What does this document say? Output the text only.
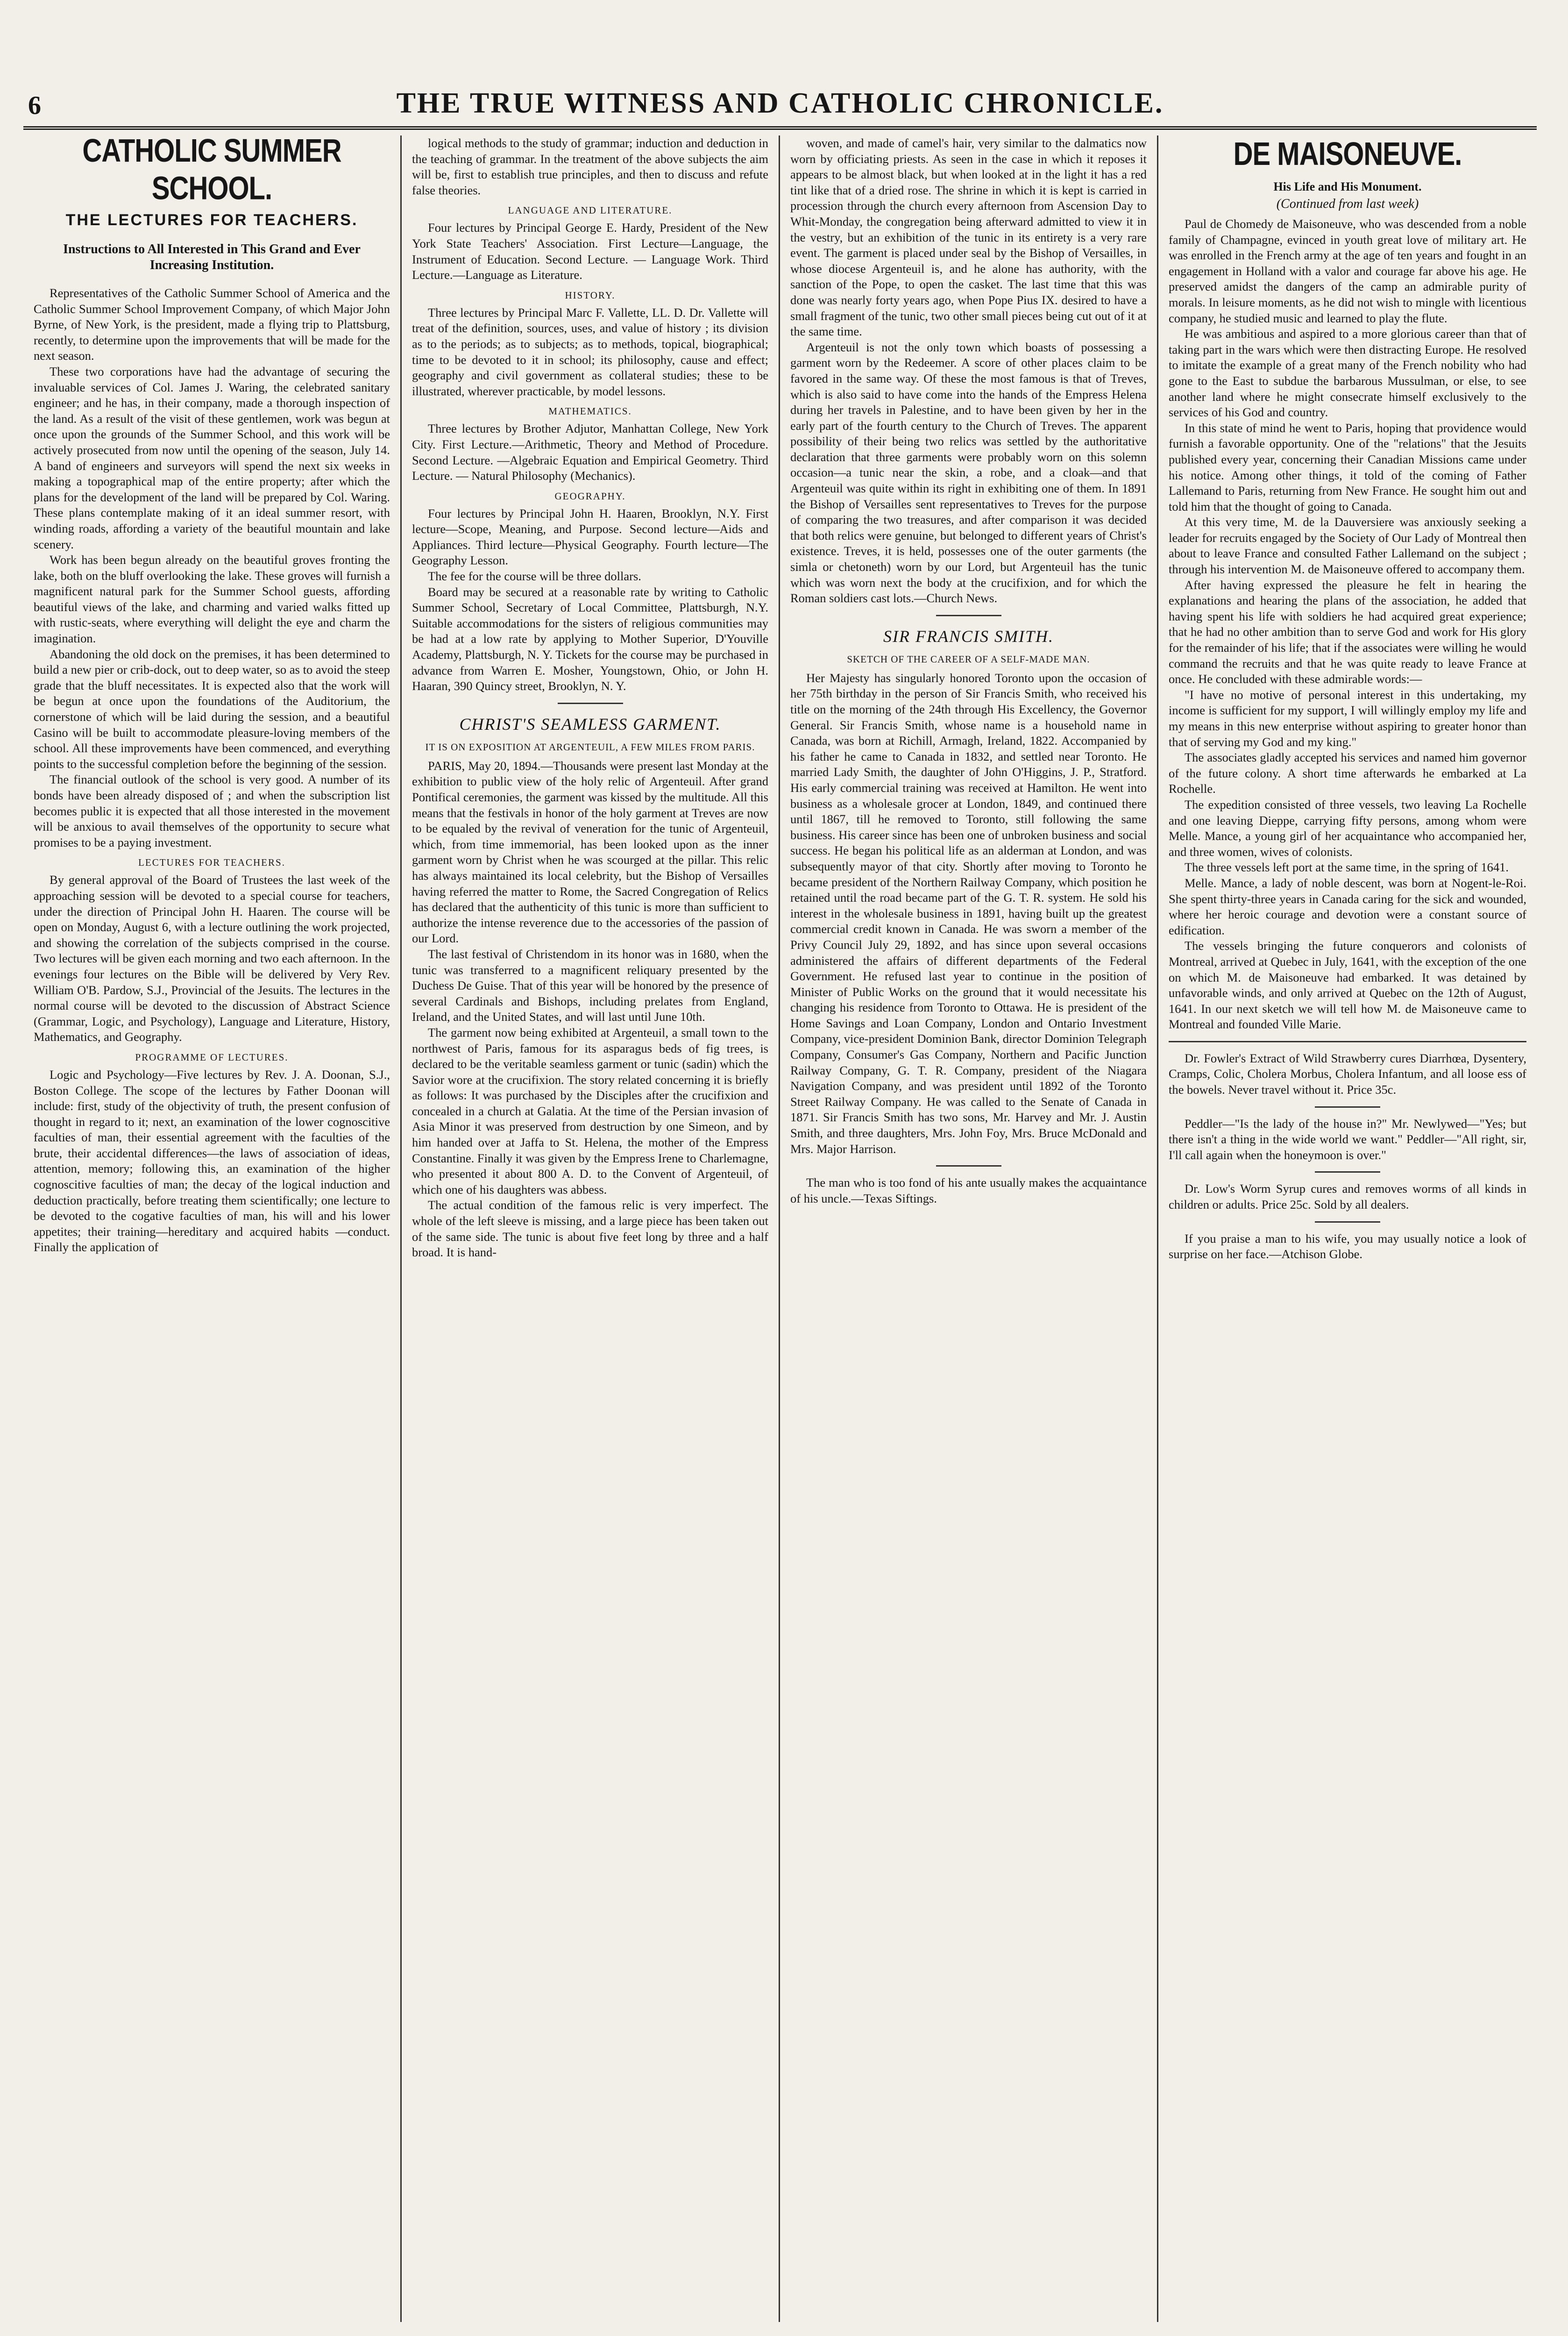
6	THE TRUE WITNESS AND CATHOLIC CHRONICLE.
CATHOLIC SUMMER SCHOOL.
THE LECTURES FOR TEACHERS.
Instructions to All Interested in This Grand and Ever Increasing Institution.

Representatives of the Catholic Summer School of America and the Catholic Summer School Improvement Company, of which Major John Byrne, of New York, is the president, made a flying trip to Plattsburg, recently, to determine upon the improvements that will be made for the next season.

These two corporations have had the advantage of securing the invaluable services of Col. James J. Waring, the celebrated sanitary engineer; and he has, in their company, made a thorough inspection of the land. As a result of the visit of these gentlemen, work was begun at once upon the grounds of the Summer School, and this work will be actively prosecuted from now until the opening of the season, July 14. A band of engineers and surveyors will spend the next six weeks in making a topographical map of the entire property; after which the plans for the development of the land will be prepared by Col. Waring. These plans contemplate making of it an ideal summer resort, with winding roads, affording a variety of the beautiful mountain and lake scenery.

Work has been begun already on the beautiful groves fronting the lake, both on the bluff overlooking the lake. These groves will furnish a magnificent natural park for the Summer School guests, affording beautiful views of the lake, and charming and varied walks fitted up with rustic-seats, where everything will delight the eye and charm the imagination.

Abandoning the old dock on the premises, it has been determined to build a new pier or crib-dock, out to deep water, so as to avoid the steep grade that the bluff necessitates. It is expected also that the work will be begun at once upon the foundations of the Auditorium, the cornerstone of which will be laid during the session, and a beautiful Casino will be built to accommodate pleasure-loving members of the school. All these improvements have been commenced, and everything points to the successful completion before the beginning of the session.

The financial outlook of the school is very good. A number of its bonds have been already disposed of ; and when the subscription list becomes public it is expected that all those interested in the movement will be anxious to avail themselves of the opportunity to secure what promises to be a paying investment.

LECTURES FOR TEACHERS.

By general approval of the Board of Trustees the last week of the approaching session will be devoted to a special course for teachers, under the direction of Principal John H. Haaren. The course will be open on Monday, August 6, with a lecture outlining the work projected, and showing the correlation of the subjects comprised in the course. Two lectures will be given each morning and two each afternoon. In the evenings four lectures on the Bible will be delivered by Very Rev. William O'B. Pardow, S.J., Provincial of the Jesuits. The lectures in the normal course will be devoted to the discussion of Abstract Science (Grammar, Logic, and Psychology), Language and Literature, History, Mathematics, and Geography.

PROGRAMME OF LECTURES.

Logic and Psychology—Five lectures by Rev. J. A. Doonan, S.J., Boston College. The scope of the lectures by Father Doonan will include: first, study of the objectivity of truth, the present confusion of thought in regard to it; next, an examination of the lower cognoscitive faculties of man, their essential agreement with the faculties of the brute, their accidental differences—the laws of association of ideas, attention, memory; following this, an examination of the higher cognoscitive faculties of man; the decay of the logical induction and deduction practically, before treating them scientifically; one lecture to be devoted to the cogative faculties of man, his will and his lower appetites; their training—hereditary and acquired habits —conduct. Finally the application of

logical methods to the study of grammar; induction and deduction in the teaching of grammar. In the treatment of the above subjects the aim will be, first to establish true principles, and then to discuss and refute false theories.

LANGUAGE AND LITERATURE.

Four lectures by Principal George E. Hardy, President of the New York State Teachers' Association. First Lecture—Language, the Instrument of Education. Second Lecture. — Language Work. Third Lecture.—Language as Literature.

HISTORY.

Three lectures by Principal Marc F. Vallette, LL. D. Dr. Vallette will treat of the definition, sources, uses, and value of history ; its division as to the periods; as to subjects; as to methods, topical, biographical; time to be devoted to it in school; its philosophy, cause and effect; geography and civil government as collateral studies; these to be illustrated, wherever practicable, by model lessons.

MATHEMATICS.

Three lectures by Brother Adjutor, Manhattan College, New York City. First Lecture.—Arithmetic, Theory and Method of Procedure. Second Lecture. —Algebraic Equation and Empirical Geometry. Third Lecture. — Natural Philosophy (Mechanics).

GEOGRAPHY.

Four lectures by Principal John H. Haaren, Brooklyn, N.Y. First lecture—Scope, Meaning, and Purpose. Second lecture—Aids and Appliances. Third lecture—Physical Geography. Fourth lecture—The Geography Lesson.

The fee for the course will be three dollars.

Board may be secured at a reasonable rate by writing to Catholic Summer School, Secretary of Local Committee, Plattsburgh, N.Y. Suitable accommodations for the sisters of religious communities may be had at a low rate by applying to Mother Superior, D'Youville Academy, Plattsburgh, N. Y. Tickets for the course may be purchased in advance from Warren E. Mosher, Youngstown, Ohio, or John H. Haaran, 390 Quincy street, Brooklyn, N. Y.

CHRIST'S SEAMLESS GARMENT.
IT IS ON EXPOSITION AT ARGENTEUIL, A FEW MILES FROM PARIS.

PARIS, May 20, 1894.—Thousands were present last Monday at the exhibition to public view of the holy relic of Argenteuil. After grand Pontifical ceremonies, the garment was kissed by the multitude. All this means that the festivals in honor of the holy garment at Treves are now to be equaled by the revival of veneration for the tunic of Argenteuil, which, from time immemorial, has been looked upon as the inner garment worn by Christ when he was scourged at the pillar. This relic has always maintained its local celebrity, but the Bishop of Versailles having referred the matter to Rome, the Sacred Congregation of Relics has declared that the authenticity of this tunic is more than sufficient to authorize the intense reverence due to the accessories of the passion of our Lord.

The last festival of Christendom in its honor was in 1680, when the tunic was transferred to a magnificent reliquary presented by the Duchess De Guise. That of this year will be honored by the presence of several Cardinals and Bishops, including prelates from England, Ireland, and the United States, and will last until June 10th.

The garment now being exhibited at Argenteuil, a small town to the northwest of Paris, famous for its asparagus beds of fig trees, is declared to be the veritable seamless garment or tunic (sadin) which the Savior wore at the crucifixion. The story related concerning it is briefly as follows: It was purchased by the Disciples after the crucifixion and concealed in a church at Galatia. At the time of the Persian invasion of Asia Minor it was preserved from destruction by one Simeon, and by him handed over at Jaffa to St. Helena, the mother of the Empress Constantine. Finally it was given by the Empress Irene to Charlemagne, who presented it about 800 A. D. to the Convent of Argenteuil, of which one of his daughters was abbess.

The actual condition of the famous relic is very imperfect. The whole of the left sleeve is missing, and a large piece has been taken out of the same side. The tunic is about five feet long by three and a half broad. It is hand-

woven, and made of camel's hair, very similar to the dalmatics now worn by officiating priests. As seen in the case in which it reposes it appears to be almost black, but when looked at in the light it has a red tint like that of a dried rose. The shrine in which it is kept is carried in procession through the church every afternoon from Ascension Day to Whit-Monday, the congregation being afterward admitted to view it in the vestry, but an exhibition of the tunic in its entirety is a very rare event. The garment is placed under seal by the Bishop of Versailles, in whose diocese Argenteuil is, and he alone has authority, with the sanction of the Pope, to open the casket. The last time that this was done was nearly forty years ago, when Pope Pius IX. desired to have a small fragment of the tunic, two other small pieces being cut out of it at the same time.

Argenteuil is not the only town which boasts of possessing a garment worn by the Redeemer. A score of other places claim to be favored in the same way. Of these the most famous is that of Treves, which is also said to have come into the hands of the Empress Helena during her travels in Palestine, and to have been given by her in the early part of the fourth century to the Church of Treves. The apparent possibility of their being two relics was settled by the authoritative declaration that three garments were probably worn on this solemn occasion—a tunic near the skin, a robe, and a cloak—and that Argenteuil was quite within its right in exhibiting one of them. In 1891 the Bishop of Versailles sent representatives to Treves for the purpose of comparing the two treasures, and after comparison it was decided that both relics were genuine, but belonged to different years of Christ's existence. Treves, it is held, possesses one of the outer garments (the simla or chetoneth) worn by our Lord, but Argenteuil has the tunic which was worn next the body at the crucifixion, and for which the Roman soldiers cast lots.—Church News.

SIR FRANCIS SMITH.
SKETCH OF THE CAREER OF A SELF-MADE MAN.

Her Majesty has singularly honored Toronto upon the occasion of her 75th birthday in the person of Sir Francis Smith, who received his title on the morning of the 24th through His Excellency, the Governor General. Sir Francis Smith, whose name is a household name in Canada, was born at Richill, Armagh, Ireland, 1822. Accompanied by his father he came to Canada in 1832, and settled near Toronto. He married Lady Smith, the daughter of John O'Higgins, J. P., Stratford. His early commercial training was received at Hamilton. He went into business as a wholesale grocer at London, 1849, and continued there until 1867, till he removed to Toronto, still following the same business. His career since has been one of unbroken business and social success. He began his political life as an alderman at London, and was subsequently mayor of that city. Shortly after moving to Toronto he became president of the Northern Railway Company, which position he retained until the road became part of the G. T. R. system. He sold his interest in the wholesale business in 1891, having built up the greatest commercial credit known in Canada. He was sworn a member of the Privy Council July 29, 1892, and has since upon several occasions administered the affairs of different departments of the Federal Government. He refused last year to continue in the position of Minister of Public Works on the ground that it would necessitate his changing his residence from Toronto to Ottawa. He is president of the Home Savings and Loan Company, London and Ontario Investment Company, vice-president Dominion Bank, director Dominion Telegraph Company, Consumer's Gas Company, Northern and Pacific Junction Railway Company, G. T. R. Company, president of the Niagara Navigation Company, and was president until 1892 of the Toronto Street Railway Company. He was called to the Senate of Canada in 1871. Sir Francis Smith has two sons, Mr. Harvey and Mr. J. Austin Smith, and three daughters, Mrs. John Foy, Mrs. Bruce McDonald and Mrs. Major Harrison.

The man who is too fond of his ante usually makes the acquaintance of his uncle.—Texas Siftings.

DE MAISONEUVE.
His Life and His Monument.
(Continued from last week)

Paul de Chomedy de Maisoneuve, who was descended from a noble family of Champagne, evinced in youth great love of military art. He was enrolled in the French army at the age of ten years and fought in an engagement in Holland with a valor and courage far above his age. He preserved amidst the dangers of the camp an admirable purity of morals. In leisure moments, as he did not wish to mingle with licentious company, he studied music and learned to play the flute.

He was ambitious and aspired to a more glorious career than that of taking part in the wars which were then distracting Europe. He resolved to imitate the example of a great many of the French nobility who had gone to the East to subdue the barbarous Mussulman, or else, to see another land where he might consecrate himself exclusively to the services of his God and country.

In this state of mind he went to Paris, hoping that providence would furnish a favorable opportunity. One of the "relations" that the Jesuits published every year, concerning their Canadian Missions came under his notice. Among other things, it told of the coming of Father Lallemand to Paris, returning from New France. He sought him out and told him that the thought of going to Canada.

At this very time, M. de la Dauversiere was anxiously seeking a leader for recruits engaged by the Society of Our Lady of Montreal then about to leave France and consulted Father Lallemand on the subject ; through his intervention M. de Maisoneuve offered to accompany them.

After having expressed the pleasure he felt in hearing the explanations and hearing the plans of the association, he added that having spent his life with soldiers he had acquired great experience; that he had no other ambition than to serve God and work for His glory for the remainder of his life; that if the associates were willing he would command the recruits and that he was quite ready to leave France at once. He concluded with these admirable words:—

"I have no motive of personal interest in this undertaking, my income is sufficient for my support, I will willingly employ my life and my means in this new enterprise without aspiring to greater honor than that of serving my God and my king."

The associates gladly accepted his services and named him governor of the future colony. A short time afterwards he embarked at La Rochelle.

The expedition consisted of three vessels, two leaving La Rochelle and one leaving Dieppe, carrying fifty persons, among whom were Melle. Mance, a young girl of her acquaintance who accompanied her, and three women, wives of colonists.

The three vessels left port at the same time, in the spring of 1641.

Melle. Mance, a lady of noble descent, was born at Nogent-le-Roi. She spent thirty-three years in Canada caring for the sick and wounded, where her heroic courage and devotion were a constant source of edification.

The vessels bringing the future conquerors and colonists of Montreal, arrived at Quebec in July, 1641, with the exception of the one on which M. de Maisoneuve had embarked. It was detained by unfavorable winds, and only arrived at Quebec on the 12th of August, 1641. In our next sketch we will tell how M. de Maisoneuve came to Montreal and founded Ville Marie.

Dr. Fowler's Extract of Wild Strawberry cures Diarrhœa, Dysentery, Cramps, Colic, Cholera Morbus, Cholera Infantum, and all loose ess of the bowels. Never travel without it. Price 35c.

Peddler—"Is the lady of the house in?" Mr. Newlywed—"Yes; but there isn't a thing in the wide world we want." Peddler—"All right, sir, I'll call again when the honeymoon is over."

Dr. Low's Worm Syrup cures and removes worms of all kinds in children or adults. Price 25c. Sold by all dealers.

If you praise a man to his wife, you may usually notice a look of surprise on her face.—Atchison Globe.
